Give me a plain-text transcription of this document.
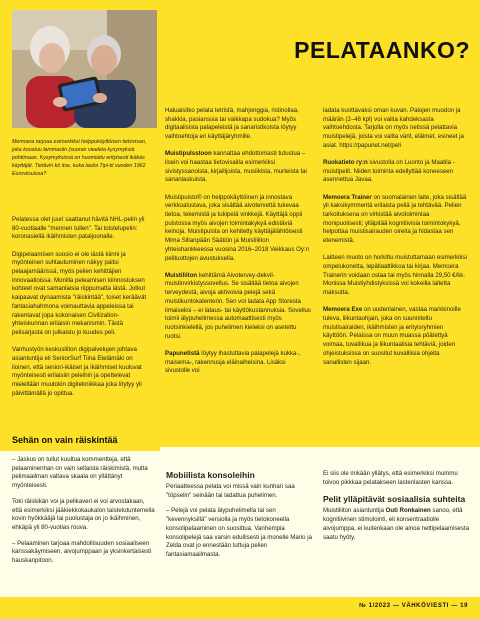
Memoera tarjoaa esimerkiksi helppokäyttöisen tietovisan, joka koostuu lammasiin (suoran vieeleia kysymyksiä pohtimaan. Kysymyksissä on huomioitu erityisesti ikäkäs käyttäjät. Tietävin kö itse, kuka lauloi Tipi-tii vuoden 1962 Euroviisuissa?

PELATAANKO?

Pelatessa olet juuri saattanut hävitä NHL-pelin yli 80-vuotiaalle "mennen tullen". Tai toistelupelin: koronasiellä ikäihmisten pataljoonalle.

Digipelaamisen suosio ei ole iästä kiinni ja myönteinen suhtautuminen näkyy paitsi pelaajamäärissä, myös pelien kehittäjien innovaatioissa. Monilla peleamisen kiinnostuksen kohteet ovat samanlaisia riippumatta iästä. Jotkut kaipaavat dynaamista "räiskintää", toiset keräävät fantasiahahmona voimauttavia appeleissa tai rakentavat jopa kokonaisen Civilization-yhteiskunnan erilaisin mekanismin. Tästä pelisarjasta on julkaistu jo kuudes peli.

Vanhustyön keskusliiton digipalvelujen johtava asiantuntija eli SeniorSurf Tiina Etelämäki on iloinen, että seniori-ikäiset ja ikäihmiset kuuluvat myönteisesti erilaisiin peleihin ja opettelevat mielellään muutokin digitekniikkaa joka löytyy yli päivittämällä jo opittua.

Haluaisitko pelata tetristä, mahjonggia, ristinollaa, shakkia, pasianssia tai vaikkapa sudokua? Myös digitaalisista palapeleistä ja sanaristikoista löytyy vaihtoehtoja eri käyttäjäryhmille.

Muistipulsstoon kannattaa ehdottomasti tutustua – ilsein voi haastaa tietovisailla esimerkiksi sivistyssanoista, kirjailijoista, musiikista, murteista tai sananlaskuista.

Muistipuisto® on helppokäyttöinen ja innostava verkkoalustava, joka sisältää aivotervettä tukevaa tietoa, tekemistä ja tukipelä vinkkejä. Käyttäjä oppii puistossa myös aivojen toimintakykyä edistäviä keinoja. Muistipuista on kehitetty käyttäjälähtöisesti Mima Sillanpään Säätiön ja Muistiliiton yhteishankkeessa vuosina 2016–2018 Veikkaus Oy:n pelituottojen avustuksella.

Muistiliiton kehittämä Aivotervey-dekvil-muistinvirkistyssovellus. Se sisältää tietoa aivojen terveydestä, aivoja aktivoivia pelejä sekä muistikuntokalenterin. Sen voi ladata App Storesta ilmaiseksi – ei lataus- tai käyttökustannuksia. Sovellus toimii älypuhelimessa automaattisesti myös ruotsinkielellä, jos puhelimen kieleksi on asetettu ruotsi.

Papunetistä löytyy ihastuttavia palapelejä kukka-, maisema-, rakennusja eläinaiheisina. Lisäksi sivustolle voi

ladata kuottavaksi oman kuvan. Palojen muodon ja määrän (2–48 kpl) voi valita kahdeksasta vaihtoehdosta. Tarjolla on myös netissä pelattavia muistipelejä, joista voi valita värit, eläimet, esineet ja asiat. https://papunet.net/peli

Ruokatieto ry:n sivustolla on Luonto ja Maatila -muistipelit. Niiden toiminta edellyttää koneeseen asennettua Javaa.

Memoera Trainer on suomalainen laite, joka sisältää yli kaksikymmentä erilaista peliä ja tehtävää. Pelien tarkoituksena on virkistää aivotoimintaa monipuolisesti; ylläpitää kognitiivisia toimintokykyä, helpottaa muistisairauden oireita ja hidastaa sen etenemistä.

Laitteen muoto on horkittu muistuttamaan esimerkiksi ompelukonetta, lepällaattikkoa tai kirjaa. Memoera Trainerin voidaan ostaa tai myös hinnalla 29,50 €/kk. Monissa Muistiyhdistyksissä voi kokeilla laitetta maksutta.

Memoera Exe on uudenlainen, vastaa markkinoille tuleva, liikuntaohjain, joka on suunniteltu muistisairaiden, ikäihmisten ja erityisryhmien käyttöön. Pelaissa on muun muassa pöätettyä voimaa, tuvaliikua ja liikuntaalisia tehtäviä, joiden ohjeistuksissa on suositut kuvalliisia ohjeita sanallisten sijaan.

Sehän on vain räiskintää

– Jaskus on tullut kuultua kommentteja, että pelaaminenhan on vain sellaista räiskimistä, mutta pelimaailman valtava skaala on yllättänyt myönteisesti.

Toki räiskikän voi ja pelikaveri ei voi arvostakaan, että esimerkiksi jääkiekkokaukalon taistelutuntemella kovin hyökkääjä tai puolustaja on jo ikäihminen, ehkäpä yli 80-vuotias rouva.

– Pelaaminen tarjoaa mahdollisuuden sosiaaliseen kanssakäymiseen, aivojumppaan ja yksinkertaisesti hauskanpitoon.

Mobiilista konsoleihin

Periaatteessa pelata voi missä vain kunhan saa "töpselin" seinään tai ladattua puhelimen.

– Pelejä voi pelata älypuhelimella tai sen "kevennyksillä" versiolla ja myös tietokoneella konsolipelaaminen on suosittua. Vanhempia konsolipelejä saa varsin edullisesti ja monelle Mario ja Zelda ovat jo ennestään tuttuja pelien fantasiamaailmasta.

Ei siis ole mikään yllätys, että esimerkiksi mummu toivoo pikkkaa pelatakseen lastenlasten kanssa.

Pelit ylläpitävät sosiaalisia suhteita

Muistiliiton asiantuntija Outi Ronkainen sanoo, että kognitiivinen stimulointi, eli konsentraatiolle aivojumppa, ei kuitenkaan ole ainoa nettipelaamisesta saatu hyöty.

№ 1/2023 — VÄHKÖVIESTI — 19
